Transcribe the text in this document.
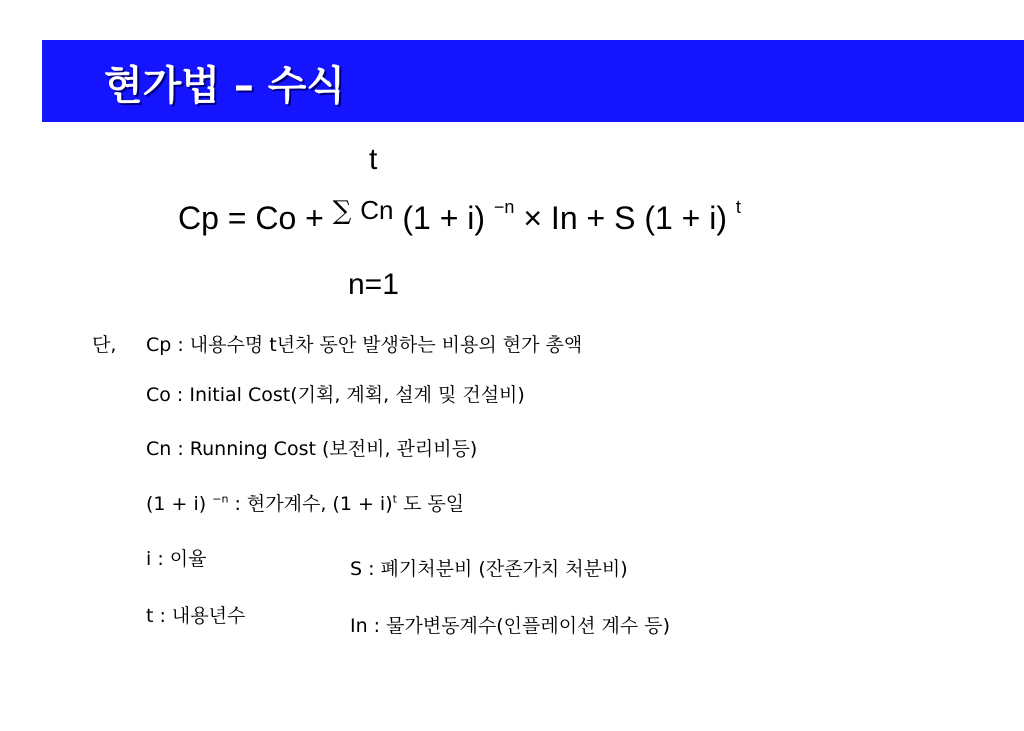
현가법 – 수식
t
Cp = Co + ∑ $^{Cn}$ (1 + i) $^{-n}$ × In + S (1 + i) $^t$
n=1
단, Cp : 내용수명 t년차 동안 발생하는 비용의 현가 총액
Co : Initial Cost(기획, 계획, 설계 및 건설비)
Cn : Running Cost (보전비, 관리비등)
(1 + i) $^{-n}$ : 현가계수, $(1 + i)^t$ 도 동일
i : 이율	S : 폐기처분비 (잔존가치 처분비)
t : 내용년수	In : 물가변동계수(인플레이션 계수 등)
